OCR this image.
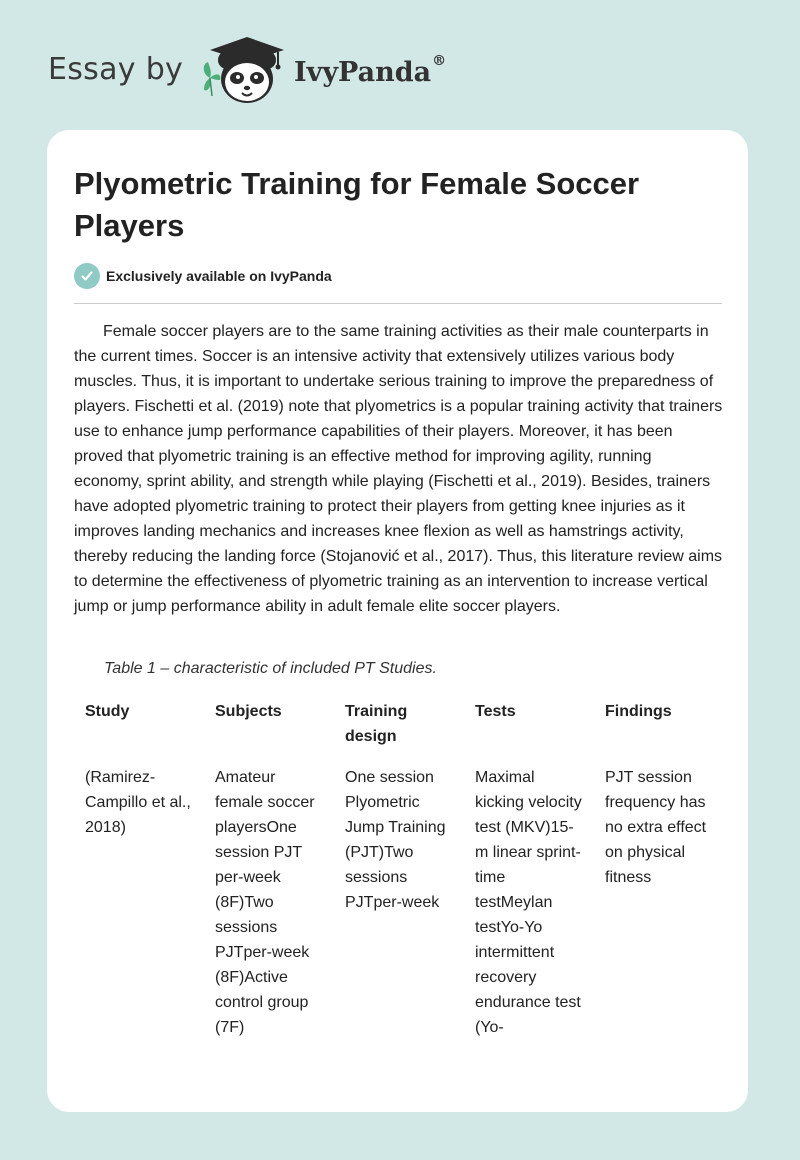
Essay by	IvyPanda®
Plyometric Training for Female Soccer Players
Exclusively available on IvyPanda

Female soccer players are to the same training activities as their male counterparts in the current times. Soccer is an intensive activity that extensively utilizes various body muscles. Thus, it is important to undertake serious training to improve the preparedness of players. Fischetti et al. (2019) note that plyometrics is a popular training activity that trainers use to enhance jump performance capabilities of their players. Moreover, it has been proved that plyometric training is an effective method for improving agility, running economy, sprint ability, and strength while playing (Fischetti et al., 2019). Besides, trainers have adopted plyometric training to protect their players from getting knee injuries as it improves landing mechanics and increases knee flexion as well as hamstrings activity, thereby reducing the landing force (Stojanović et al., 2017). Thus, this literature review aims to determine the effectiveness of plyometric training as an intervention to increase vertical jump or jump performance ability in adult female elite soccer players.

Table 1 – characteristic of included PT Studies.

Study	Subjects	Training design	Tests	Findings
(Ramirez-Campillo et al., 2018)	Amateur female soccer playersOne session PJT per-week (8F)Two sessions PJTper-week (8F)Active control group (7F)	One session Plyometric Jump Training (PJT)Two sessions PJTper-week	Maximal kicking velocity test (MKV)15-m linear sprint-time testMeylan testYo-Yo intermittent recovery endurance test (Yo-	PJT session frequency has no extra effect on physical fitness
